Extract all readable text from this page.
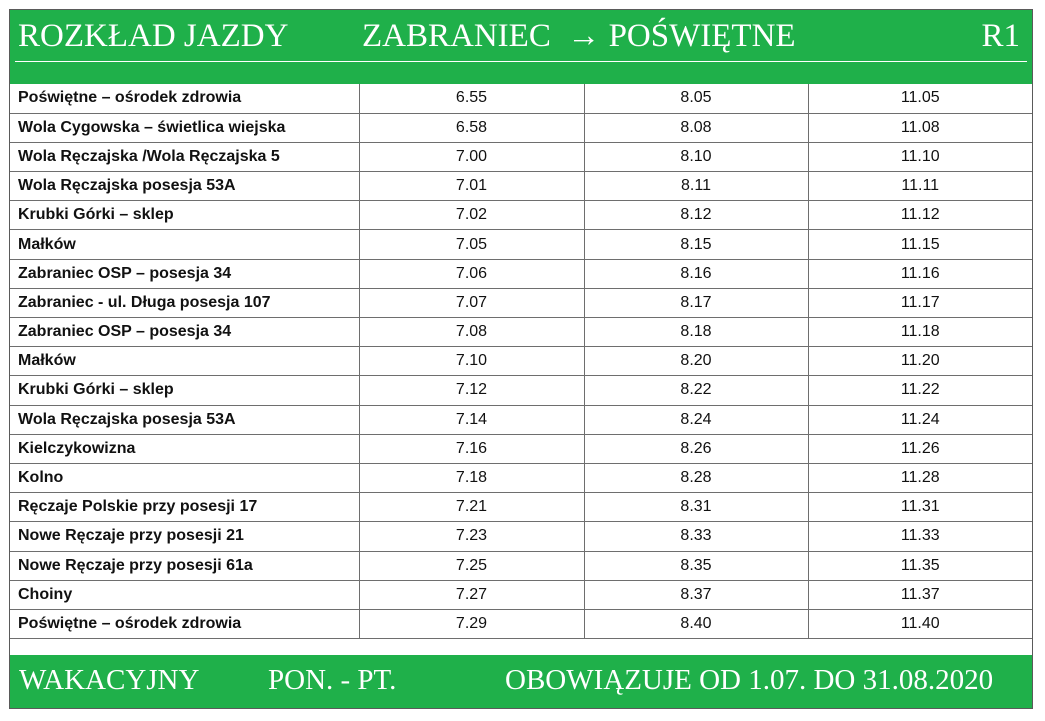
ROZKŁAD JAZDY ZABRANIEC  → POŚWIĘTNE	R1
Poświętne – ośrodek zdrowia	6.55	8.05	11.05
Wola Cygowska – świetlica wiejska	6.58	8.08	11.08
Wola Ręczajska /Wola Ręczajska 5	7.00	8.10	11.10
Wola Ręczajska posesja 53A	7.01	8.11	11.11
Krubki Górki – sklep	7.02	8.12	11.12
Małków	7.05	8.15	11.15
Zabraniec OSP – posesja 34	7.06	8.16	11.16
Zabraniec - ul. Długa posesja 107	7.07	8.17	11.17
Zabraniec OSP – posesja 34	7.08	8.18	11.18
Małków	7.10	8.20	11.20
Krubki Górki – sklep	7.12	8.22	11.22
Wola Ręczajska posesja 53A	7.14	8.24	11.24
Kielczykowizna	7.16	8.26	11.26
Kolno	7.18	8.28	11.28
Ręczaje Polskie przy posesji 17	7.21	8.31	11.31
Nowe Ręczaje przy posesji 21	7.23	8.33	11.33
Nowe Ręczaje przy posesji 61a	7.25	8.35	11.35
Choiny	7.27	8.37	11.37
Poświętne – ośrodek zdrowia	7.29	8.40	11.40
WAKACYJNY PON. - PT.	OBOWIĄZUJE OD 1.07. DO 31.08.2020
